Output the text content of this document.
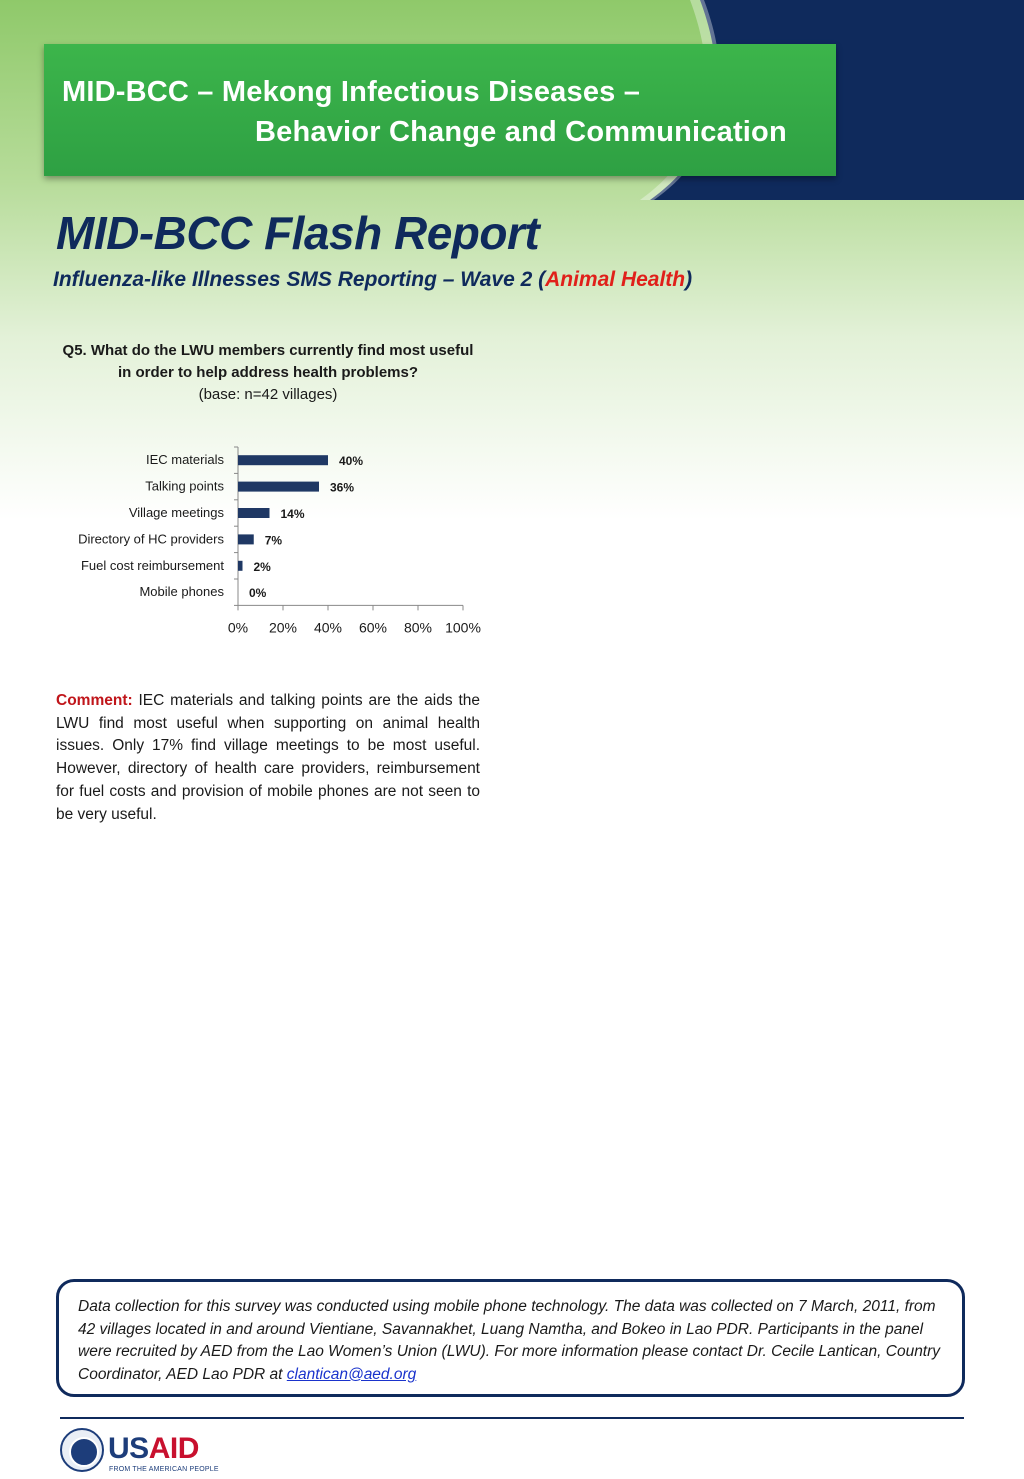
MID-BCC – Mekong Infectious Diseases –
Behavior Change and Communication
MID-BCC Flash Report
Influenza-like Illnesses SMS Reporting – Wave 2 (Animal Health)
Q5. What do the LWU members currently find most useful in order to help address health problems?
(base: n=42 villages)
IEC materials	40%
Talking points	36%
Village meetings	14%
Directory of HC providers	7%
Fuel cost reimbursement 2%
Mobile phones 0%
0% 20% 40% 60% 80% 100%
Comment: IEC materials and talking points are the aids the LWU find most useful when supporting on animal health issues. Only 17% find village meetings to be most useful. However, directory of health care providers, reimbursement for fuel costs and provision of mobile phones are not seen to be very useful.

Data collection for this survey was conducted using mobile phone technology. The data was collected on 7 March, 2011, from 42 villages located in and around Vientiane, Savannakhet, Luang Namtha, and Bokeo in Lao PDR. Participants in the panel were recruited by AED from the Lao Women’s Union (LWU). For more information please contact Dr. Cecile Lantican, Country Coordinator, AED Lao PDR at clantican@aed.org

USAID
FROM THE AMERICAN PEOPLE
